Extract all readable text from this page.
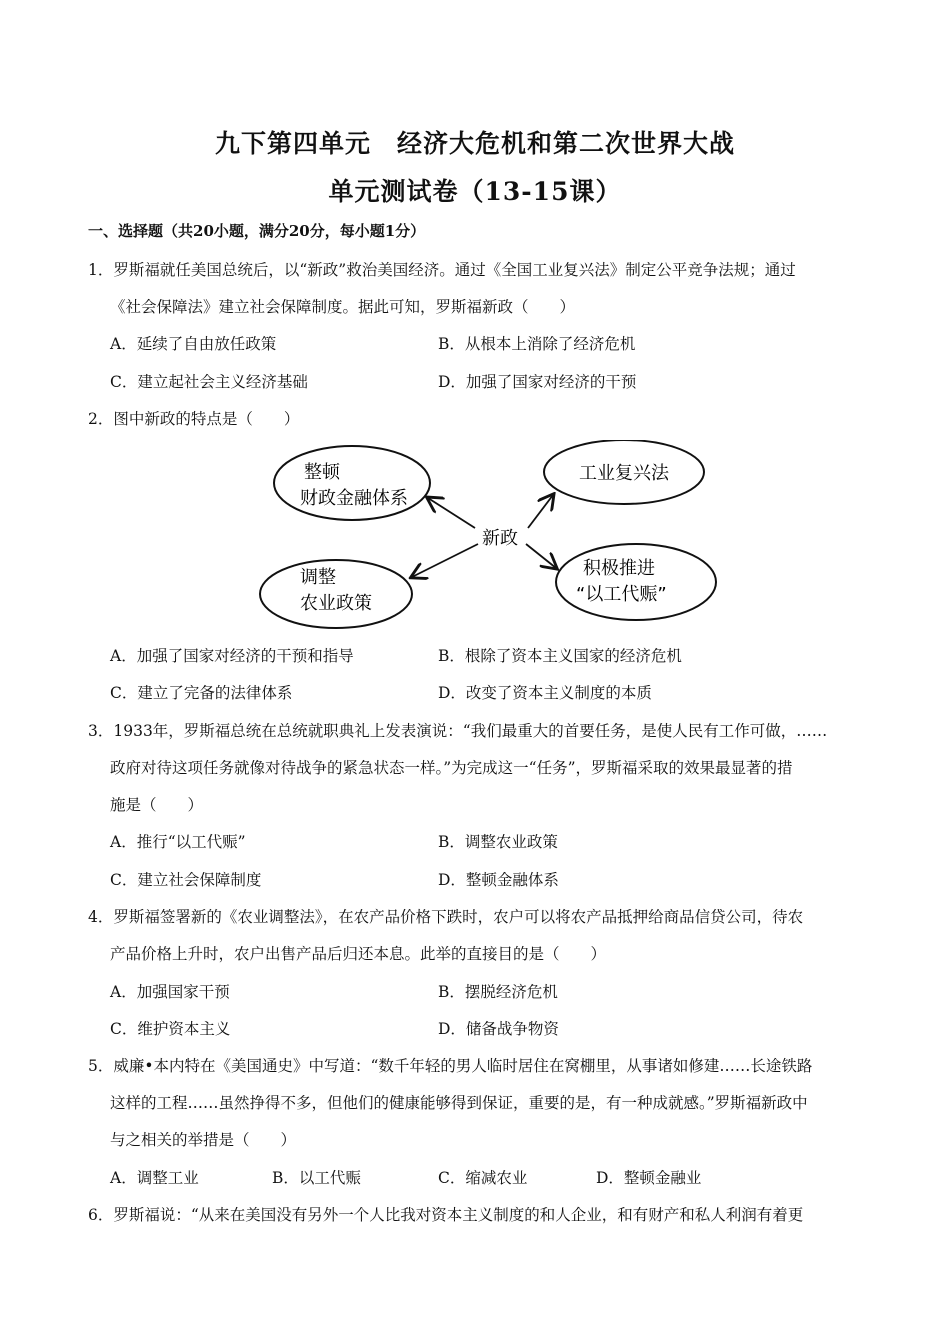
九下第四单元　经济大危机和第二次世界大战
单元测试卷（13-15课）
一、选择题（共20小题，满分20分，每小题1分）
1．罗斯福就任美国总统后，以“新政”救治美国经济。通过《全国工业复兴法》制定公平竞争法规；通过
《社会保障法》建立社会保障制度。据此可知，罗斯福新政（　　）
A．延续了自由放任政策	B．从根本上消除了经济危机
C．建立起社会主义经济基础	D．加强了国家对经济的干预
2．图中新政的特点是（　　）
新政
整顿
财政金融体系
工业复兴法
调整
农业政策
积极推进
“以工代赈”
A．加强了国家对经济的干预和指导	B．根除了资本主义国家的经济危机
C．建立了完备的法律体系	D．改变了资本主义制度的本质
3．1933年，罗斯福总统在总统就职典礼上发表演说：“我们最重大的首要任务，是使人民有工作可做，……
政府对待这项任务就像对待战争的紧急状态一样。”为完成这一“任务”，罗斯福采取的效果最显著的措
施是（　　）
A．推行“以工代赈”	B．调整农业政策
C．建立社会保障制度	D．整顿金融体系
4．罗斯福签署新的《农业调整法》，在农产品价格下跌时，农户可以将农产品抵押给商品信贷公司，待农
产品价格上升时，农户出售产品后归还本息。此举的直接目的是（　　）
A．加强国家干预	B．摆脱经济危机
C．维护资本主义	D．储备战争物资
5．威廉•本内特在《美国通史》中写道：“数千年轻的男人临时居住在窝棚里，从事诸如修建……长途铁路
这样的工程……虽然挣得不多，但他们的健康能够得到保证，重要的是，有一种成就感。”罗斯福新政中
与之相关的举措是（　　）
A．调整工业	B．以工代赈	C．缩减农业	D．整顿金融业
6．罗斯福说：“从来在美国没有另外一个人比我对资本主义制度的和人企业，和有财产和私人利润有着更
